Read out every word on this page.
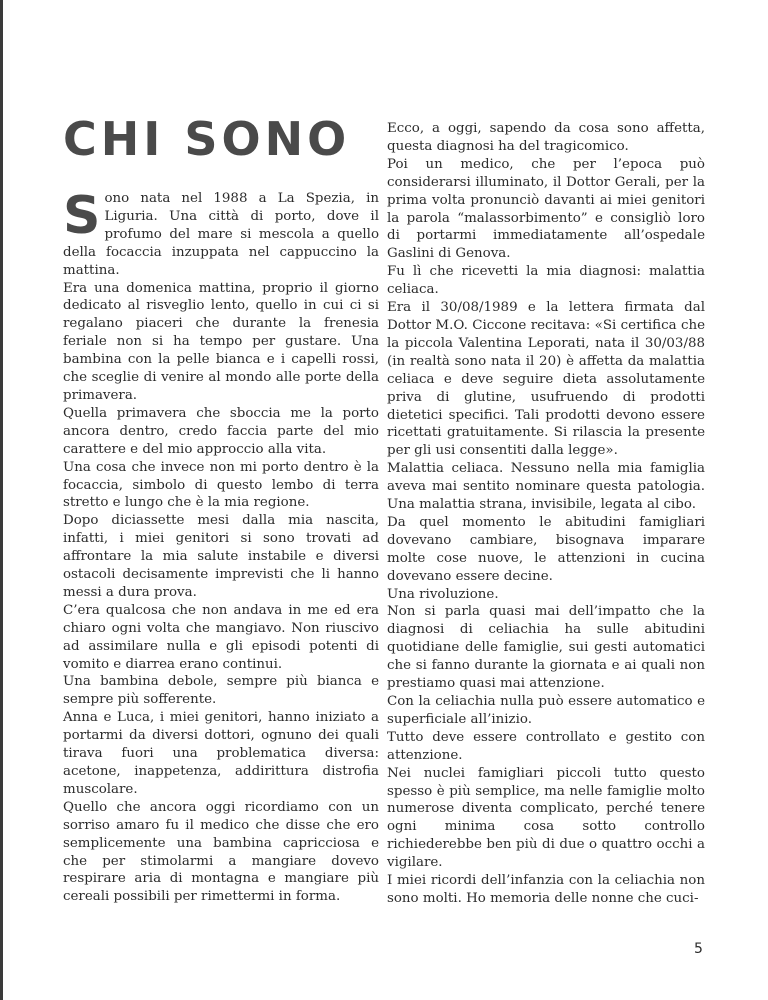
CHI SONO

Sono nata nel 1988 a La Spezia, in Liguria. Una città di porto, dove il profumo del mare si mescola a quello della focaccia inzuppata nel cappuccino la mattina.

Era una domenica mattina, proprio il giorno dedicato al risveglio lento, quello in cui ci si regalano piaceri che durante la frenesia feriale non si ha tempo per gustare. Una bambina con la pelle bianca e i capelli rossi, che sceglie di venire al mondo alle porte della primavera.

Quella primavera che sboccia me la porto ancora dentro, credo faccia parte del mio carattere e del mio approccio alla vita.

Una cosa che invece non mi porto dentro è la focaccia, simbolo di questo lembo di terra stretto e lungo che è la mia regione.

Dopo diciassette mesi dalla mia nascita, infatti, i miei genitori si sono trovati ad affrontare la mia salute instabile e diversi ostacoli decisamente imprevisti che li hanno messi a dura prova.

C’era qualcosa che non andava in me ed era chiaro ogni volta che mangiavo. Non riuscivo ad assimilare nulla e gli episodi potenti di vomito e diarrea erano continui.

Una bambina debole, sempre più bianca e sempre più sofferente.

Anna e Luca, i miei genitori, hanno iniziato a portarmi da diversi dottori, ognuno dei quali tirava fuori una problematica diversa: acetone, inappetenza, addirittura distrofia muscolare.

Quello che ancora oggi ricordiamo con un sorriso amaro fu il medico che disse che ero semplicemente una bambina capricciosa e che per stimolarmi a mangiare dovevo respirare aria di montagna e mangiare più cereali possibili per rimettermi in forma.

Ecco, a oggi, sapendo da cosa sono affetta, questa diagnosi ha del tragicomico.

Poi un medico, che per l’epoca può considerarsi illuminato, il Dottor Gerali, per la prima volta pronunciò davanti ai miei genitori la parola “malassorbimento” e consigliò loro di portarmi immediatamente all’ospedale Gaslini di Genova.

Fu lì che ricevetti la mia diagnosi: malattia celiaca.

Era il 30/08/1989 e la lettera firmata dal Dottor M.O. Ciccone recitava: «Si certifica che la piccola Valentina Leporati, nata il 30/03/88 (in realtà sono nata il 20) è affetta da malattia celiaca e deve seguire dieta assolutamente priva di glutine, usufruendo di prodotti dietetici specifici. Tali prodotti devono essere ricettati gratuitamente. Si rilascia la presente per gli usi consentiti dalla legge».

Malattia celiaca. Nessuno nella mia famiglia aveva mai sentito nominare questa patologia. Una malattia strana, invisibile, legata al cibo.

Da quel momento le abitudini famigliari dovevano cambiare, bisognava imparare molte cose nuove, le attenzioni in cucina dovevano essere decine.

Una rivoluzione.

Non si parla quasi mai dell’impatto che la diagnosi di celiachia ha sulle abitudini quotidiane delle famiglie, sui gesti automatici che si fanno durante la giornata e ai quali non prestiamo quasi mai attenzione.

Con la celiachia nulla può essere automatico e superficiale all’inizio.

Tutto deve essere controllato e gestito con attenzione.

Nei nuclei famigliari piccoli tutto questo spesso è più semplice, ma nelle famiglie molto numerose diventa complicato, perché tenere ogni minima cosa sotto controllo richiederebbe ben più di due o quattro occhi a vigilare.

I miei ricordi dell’infanzia con la celiachia non sono molti. Ho memoria delle nonne che cuci-

5
